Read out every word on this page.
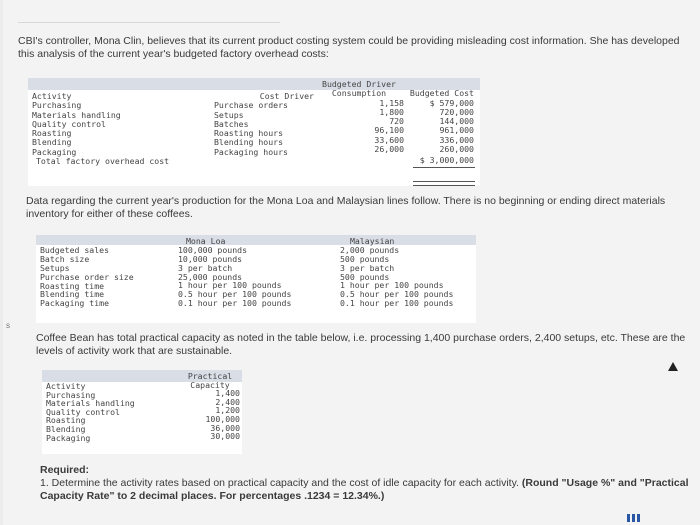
s

CBI's controller, Mona Clin, believes that its current product costing system could be providing misleading cost information. She has developed this analysis of the current year's budgeted factory overhead costs:

Activity
Purchasing
Materials handling
Quality control
Roasting
Blending
Packaging
Total factory overhead cost
Cost Driver
Purchase orders
Setups
Batches
Roasting hours
Blending hours
Packaging hours
Budgeted Driver
Consumption
1,158
1,800
720
96,100
33,600
26,000
Budgeted Cost
$ 579,000
720,000
144,000
961,000
336,000
260,000
$ 3,000,000

Data regarding the current year's production for the Mona Loa and Malaysian lines follow. There is no beginning or ending direct materials inventory for either of these coffees.

Budgeted sales
Batch size
Setups
Purchase order size
Roasting time
Blending time
Packaging time
Mona Loa
100,000 pounds
10,000 pounds
3 per batch
25,000 pounds
1 hour per 100 pounds
0.5 hour per 100 pounds
0.1 hour per 100 pounds
Malaysian
2,000 pounds
500 pounds
3 per batch
500 pounds
1 hour per 100 pounds
0.5 hour per 100 pounds
0.1 hour per 100 pounds

Coffee Bean has total practical capacity as noted in the table below, i.e. processing 1,400 purchase orders, 2,400 setups, etc. These are the levels of activity work that are sustainable.

Activity
Purchasing
Materials handling
Quality control
Roasting
Blending
Packaging
Practical
Capacity
1,400
2,400
1,200
100,000
36,000
30,000
Required:
1. Determine the activity rates based on practical capacity and the cost of idle capacity for each activity. (Round "Usage %" and "Practical Capacity Rate" to 2 decimal places. For percentages .1234 = 12.34%.)
